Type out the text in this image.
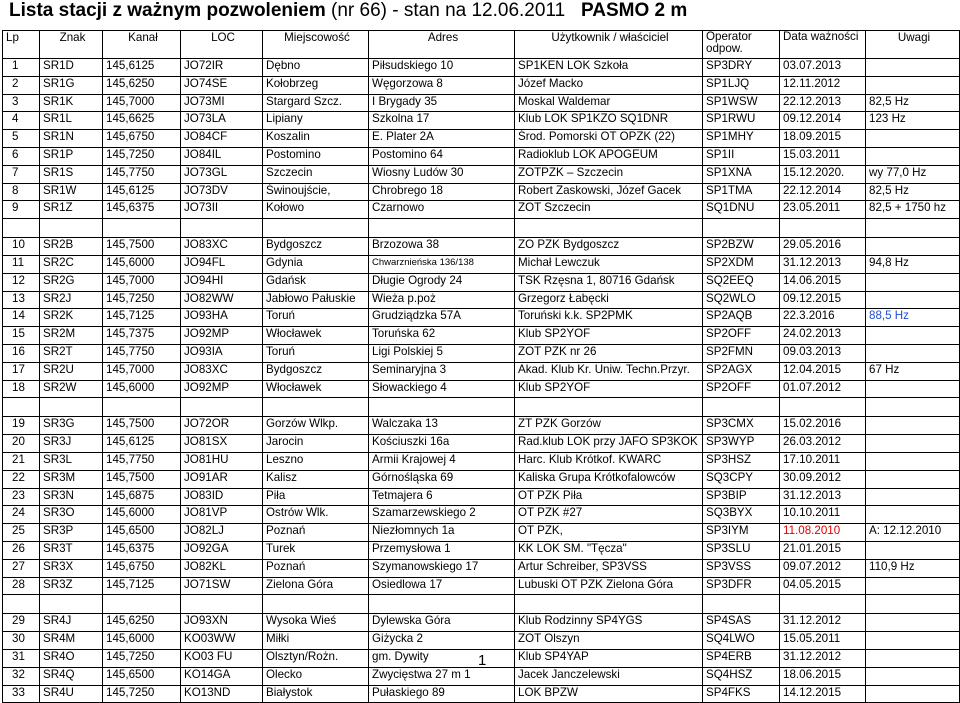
Lista stacji z ważnym pozwoleniem (nr 66) - stan na 12.06.2011 PASMO 2 m
Lp	Znak	Kanał	LOC	Miejscowość	Adres	Użytkownik / właściciel	Operator odpow.	Data ważności	Uwagi
1	SR1D	145,6125	JO72IR	Dębno	Piłsudskiego 10	SP1KEN LOK Szkoła	SP3DRY	03.07.2013	
2	SR1G	145,6250	JO74SE	Kołobrzeg	Węgorzowa 8	Józef Macko	SP1LJQ	12.11.2012	
3	SR1K	145,7000	JO73MI	Stargard Szcz.	I Brygady 35	Moskal Waldemar	SP1WSW	22.12.2013	82,5 Hz
4	SR1L	145,6625	JO73LA	Lipiany	Szkolna 17	Klub LOK SP1KZO SQ1DNR	SP1RWU	09.12.2014	123 Hz
5	SR1N	145,6750	JO84CF	Koszalin	E. Plater 2A	Środ. Pomorski OT OPZK (22)	SP1MHY	18.09.2015	
6	SR1P	145,7250	JO84IL	Postomino	Postomino 64	Radioklub LOK APOGEUM	SP1II	15.03.2011	
7	SR1S	145,7750	JO73GL	Szczecin	Wiosny Ludów 30	ZOTPZK – Szczecin	SP1XNA	15.12.2020.	wy 77,0 Hz
8	SR1W	145,6125	JO73DV	Świnoujście,	Chrobrego 18	Robert Zaskowski, Józef Gacek	SP1TMA	22.12.2014	82,5 Hz
9	SR1Z	145,6375	JO73II	Kołowo	Czarnowo	ZOT Szczecin	SQ1DNU	23.05.2011	82,5 + 1750 hz

10	SR2B	145,7500	JO83XC	Bydgoszcz	Brzozowa 38	ZO PZK Bydgoszcz	SP2BZW	29.05.2016	
11	SR2C	145,6000	JO94FL	Gdynia	Chwarznieńska 136/138	Michał Lewczuk	SP2XDM	31.12.2013	94,8 Hz
12	SR2G	145,7000	JO94HI	Gdańsk	Długie Ogrody 24	TSK Rzęsna 1, 80716 Gdańsk	SQ2EEQ	14.06.2015	
13	SR2J	145,7250	JO82WW	Jabłowo Pałuskie	Wieża p.poż	Grzegorz Łabęcki	SQ2WLO	09.12.2015	
14	SR2K	145,7125	JO93HA	Toruń	Grudziądzka 57A	Toruński k.k. SP2PMK	SP2AQB	22.3.2016	88,5 Hz
15	SR2M	145,7375	JO92MP	Włocławek	Toruńska 62	Klub SP2YOF	SP2OFF	24.02.2013	
16	SR2T	145,7750	JO93IA	Toruń	Ligi Polskiej 5	ZOT PZK nr 26	SP2FMN	09.03.2013	
17	SR2U	145,7000	JO83XC	Bydgoszcz	Seminaryjna 3	Akad. Klub Kr. Uniw. Techn.Przyr.	SP2AGX	12.04.2015	67 Hz
18	SR2W	145,6000	JO92MP	Włocławek	Słowackiego 4	Klub SP2YOF	SP2OFF	01.07.2012	

19	SR3G	145,7500	JO72OR	Gorzów Wlkp.	Walczaka 13	ZT PZK Gorzów	SP3CMX	15.02.2016	
20	SR3J	145,6125	JO81SX	Jarocin	Kościuszki 16a	Rad.klub LOK przy JAFO SP3KOK	SP3WYP	26.03.2012	
21	SR3L	145,7750	JO81HU	Leszno	Armii Krajowej 4	Harc. Klub Krótkof. KWARC	SP3HSZ	17.10.2011	
22	SR3M	145,7500	JO91AR	Kalisz	Górnośląska 69	Kaliska Grupa Krótkofalowców	SQ3CPY	30.09.2012	
23	SR3N	145,6875	JO83ID	Piła	Tetmajera 6	OT PZK Piła	SP3BIP	31.12.2013	
24	SR3O	145,6000	JO81VP	Ostrów Wlk.	Szamarzewskiego 2	OT PZK #27	SQ3BYX	10.10.2011	
25	SR3P	145,6500	JO82LJ	Poznań	Niezłomnych 1a	OT PZK,	SP3IYM	11.08.2010	A: 12.12.2010
26	SR3T	145,6375	JO92GA	Turek	Przemysłowa 1	KK LOK SM. "Tęcza"	SP3SLU	21.01.2015	
27	SR3X	145,6750	JO82KL	Poznań	Szymanowskiego 17	Artur Schreiber, SP3VSS	SP3VSS	09.07.2012	110,9 Hz
28	SR3Z	145,7125	JO71SW	Zielona Góra	Osiedlowa 17	Lubuski OT PZK Zielona Góra	SP3DFR	04.05.2015	

29	SR4J	145,6250	JO93XN	Wysoka Wieś	Dylewska Góra	Klub Rodzinny SP4YGS	SP4SAS	31.12.2012	
30	SR4M	145,6000	KO03WW	Miłki	Giżycka 2	ZOT Olszyn	SQ4LWO	15.05.2011	
31	SR4O	145,7250	KO03 FU	Olsztyn/Rożn.	gm. Dywity	Klub SP4YAP	SP4ERB	31.12.2012	
32	SR4Q	145,6500	KO14GA	Olecko	Zwycięstwa 27 m 1	Jacek Janczelewski	SQ4HSZ	18.06.2015	
33	SR4U	145,7250	KO13ND	Białystok	Pułaskiego 89	LOK BPZW	SP4FKS	14.12.2015	
1
